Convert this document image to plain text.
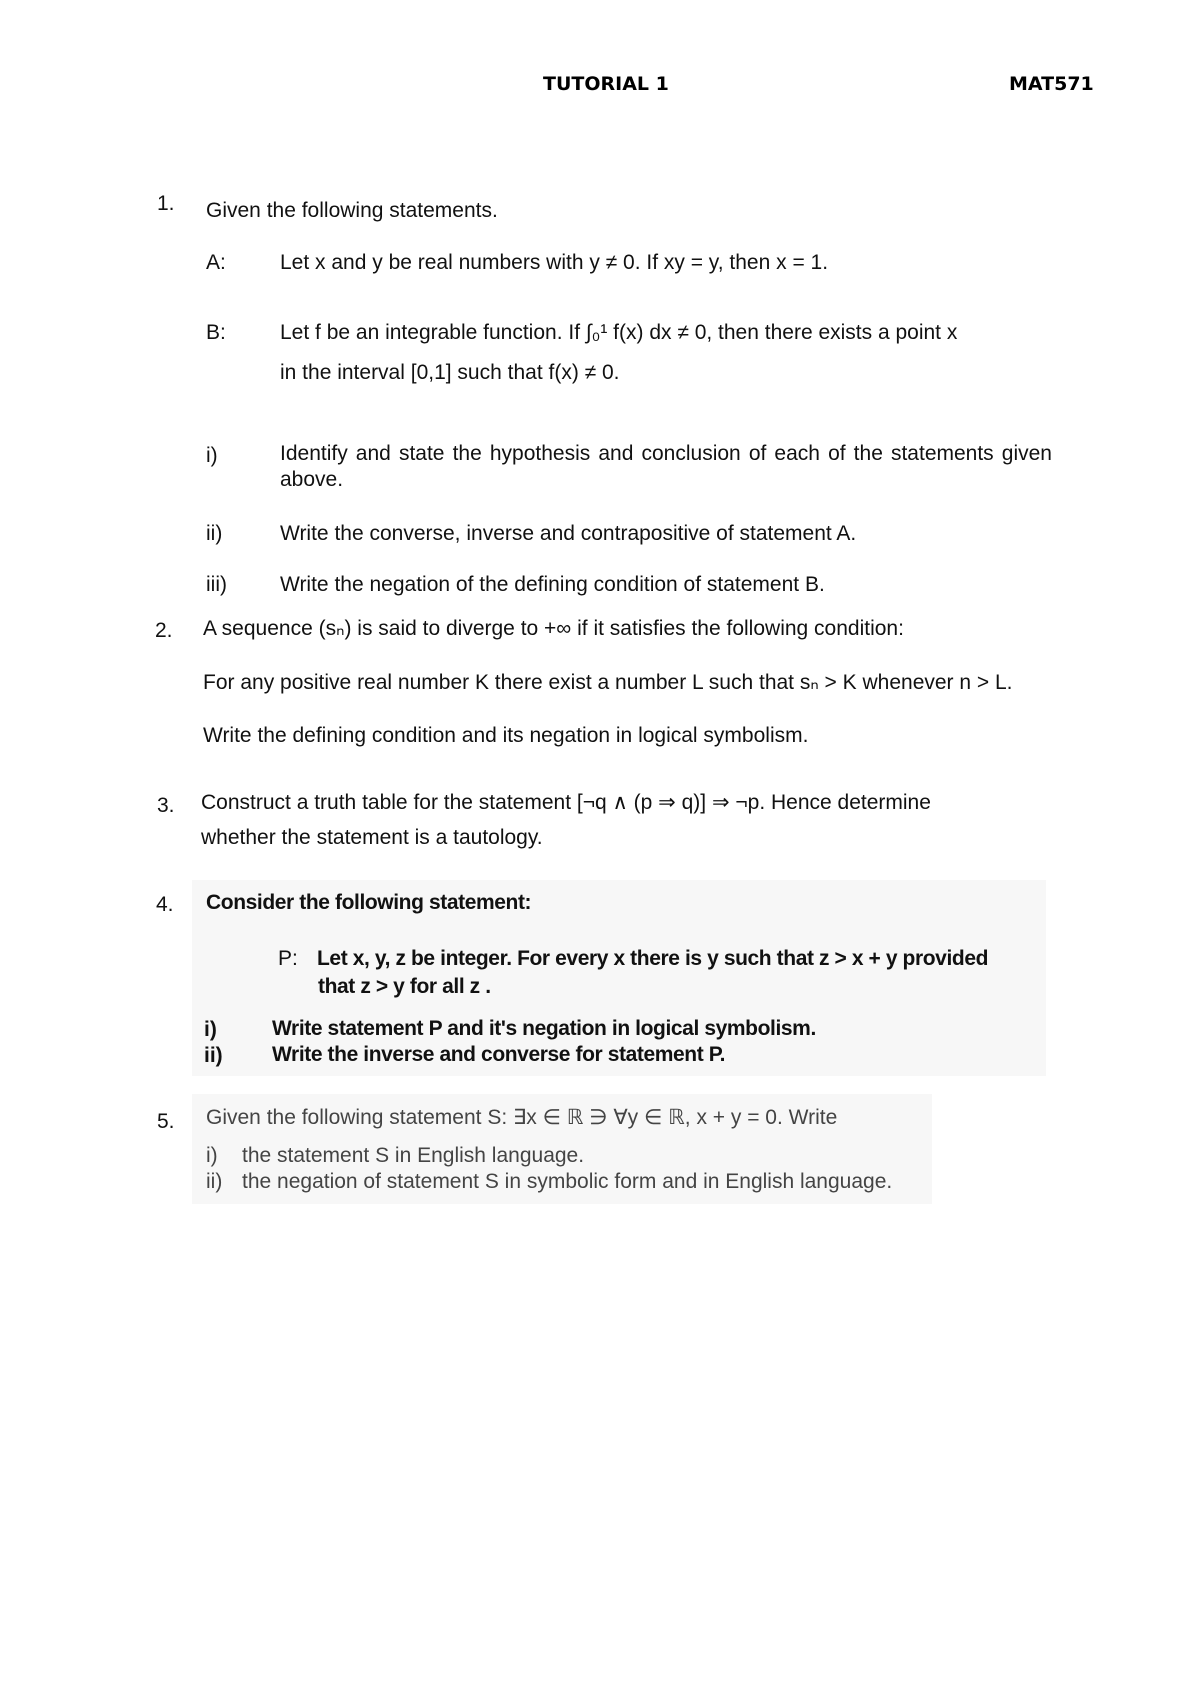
TUTORIAL 1	MAT571
1. Given the following statements.
A:	Let x and y be real numbers with y ≠ 0. If xy = y, then x = 1.
B:	Let f be an integrable function. If ∫₀¹ f(x) dx ≠ 0, then there exists a point x
in the interval [0,1] such that f(x) ≠ 0.
i)	Identify and state the hypothesis and conclusion of each of the statements given above.
ii)	Write the converse, inverse and contrapositive of statement A.
iii)	Write the negation of the defining condition of statement B.
2. A sequence (sₙ) is said to diverge to +∞ if it satisfies the following condition:
For any positive real number K there exist a number L such that sₙ > K whenever n > L.
Write the defining condition and its negation in logical symbolism.
3. Construct a truth table for the statement [¬q ∧ (p ⇒ q)] ⇒ ¬p. Hence determine
whether the statement is a tautology.
4. Consider the following statement:
P: Let x, y, z be integer. For every x there is y such that z > x + y provided
that z > y for all z .
i)	Write statement P and it's negation in logical symbolism.
ii) Write the inverse and converse for statement P.
5. Given the following statement S: ∃x ∈ ℝ ∋ ∀y ∈ ℝ, x + y = 0. Write
i) the statement S in English language.
ii) the negation of statement S in symbolic form and in English language.
